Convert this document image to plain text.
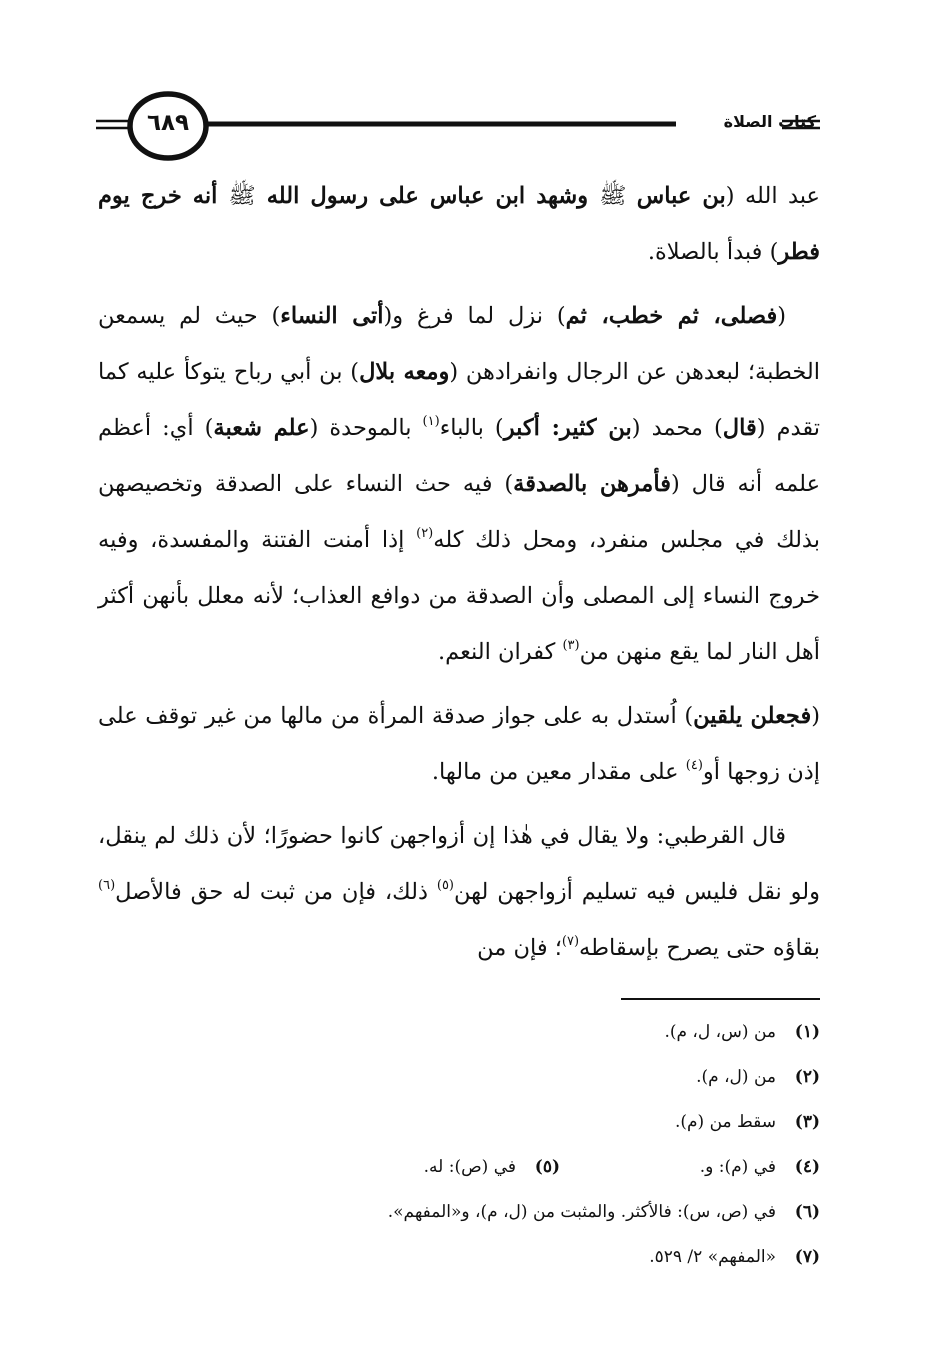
كتاب الصلاة
٦٨٩

عبد الله (بن عباس ﷺ وشهد ابن عباس على رسول الله ﷺ أنه خرج يوم فطر) فبدأ بالصلاة.

(فصلى، ثم خطب، ثم) نزل لما فرغ و(أتى النساء) حيث لم يسمعن الخطبة؛ لبعدهن عن الرجال وانفرادهن (ومعه بلال) بن أبي رباح يتوكأ عليه كما تقدم (قال) محمد (بن كثير: أكبر) بالباء$^{(١)}$ بالموحدة (علم شعبة) أي: أعظم علمه أنه قال (فأمرهن بالصدقة) فيه حث النساء على الصدقة وتخصيصهن بذلك في مجلس منفرد، ومحل ذلك كله$^{(٢)}$ إذا أمنت الفتنة والمفسدة، وفيه خروج النساء إلى المصلى وأن الصدقة من دوافع العذاب؛ لأنه معلل بأنهن أكثر أهل النار لما يقع منهن من$^{(٣)}$ كفران النعم.

(فجعلن يلقين) اُستدل به على جواز صدقة المرأة من مالها من غير توقف على إذن زوجها أو$^{(٤)}$ على مقدار معين من مالها.

قال القرطبي: ولا يقال في هٰذا إن أزواجهن كانوا حضورًا؛ لأن ذلك لم ينقل، ولو نقل فليس فيه تسليم أزواجهن لهن$^{(٥)}$ ذلك، فإن من ثبت له حق فالأصل$^{(٦)}$ بقاؤه حتى يصرح بإسقاطه$^{(٧)}$؛ فإن من

(١)من (س، ل، م).
(٢)من (ل، م).
(٣)سقط من (م).
(٤)في (م): و.
(٥)في (ص): له.
(٦)في (ص، س): فالأكثر. والمثبت من (ل، م)، و«المفهم».
(٧)«المفهم» ٢/ ٥٢٩.
